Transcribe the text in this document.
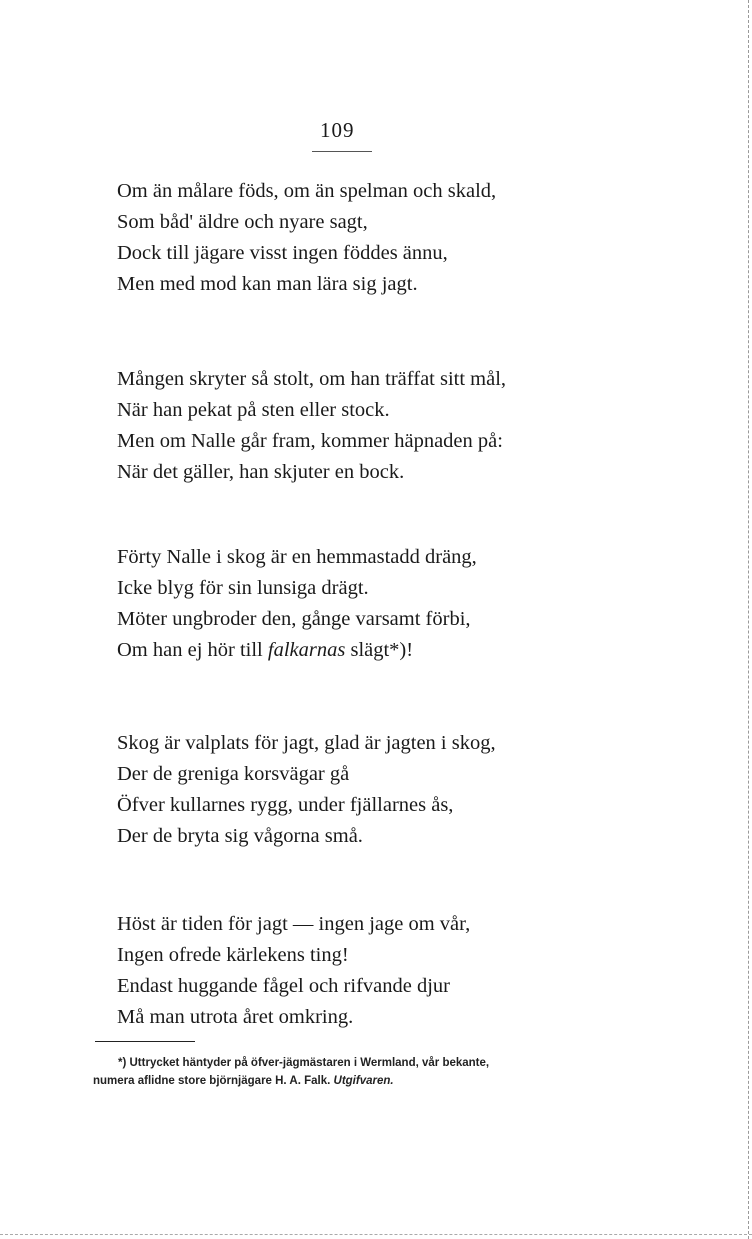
109
Om än målare föds, om än spelman och skald,
Som båd' äldre och nyare sagt,
Dock till jägare visst ingen föddes ännu,
Men med mod kan man lära sig jagt.
Mången skryter så stolt, om han träffat sitt mål,
När han pekat på sten eller stock.
Men om Nalle går fram, kommer häpnaden på:
När det gäller, han skjuter en bock.
Förty Nalle i skog är en hemmastadd dräng,
Icke blyg för sin lunsiga drägt.
Möter ungbroder den, gånge varsamt förbi,
Om han ej hör till falkarnas slägt*)!
Skog är valplats för jagt, glad är jagten i skog,
Der de greniga korsvägar gå
Öfver kullarnes rygg, under fjällarnes ås,
Der de bryta sig vågorna små.
Höst är tiden för jagt — ingen jage om vår,
Ingen ofrede kärlekens ting!
Endast huggande fågel och rifvande djur
Må man utrota året omkring.
*) Uttrycket häntyder på öfver-jägmästaren i Wermland, vår bekante,
numera aflidne store björnjägare H. A. Falk. Utgifvaren.
